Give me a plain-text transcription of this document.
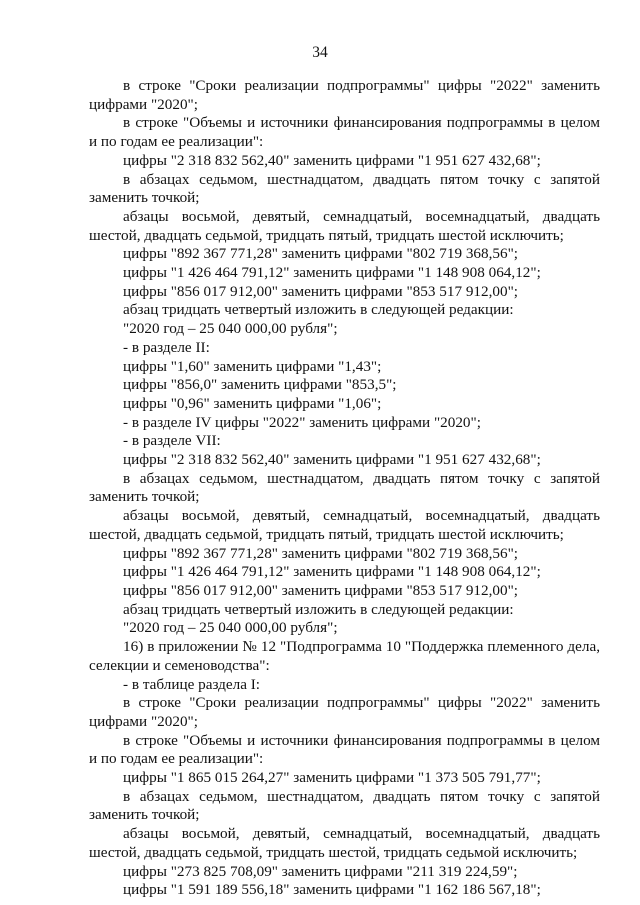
34

в строке "Сроки реализации подпрограммы" цифры "2022" заменить цифрами "2020";

в строке "Объемы и источники финансирования подпрограммы в целом и по годам ее реализации":

цифры "2 318 832 562,40" заменить цифрами "1 951 627 432,68";

в абзацах седьмом, шестнадцатом, двадцать пятом точку с запятой заменить точкой;

абзацы восьмой, девятый, семнадцатый, восемнадцатый, двадцать шестой, двадцать седьмой, тридцать пятый, тридцать шестой исключить;

цифры "892 367 771,28" заменить цифрами "802 719 368,56";

цифры "1 426 464 791,12" заменить цифрами "1 148 908 064,12";

цифры "856 017 912,00" заменить цифрами "853 517 912,00";

абзац тридцать четвертый изложить в следующей редакции:

"2020 год – 25 040 000,00 рубля";

- в разделе II:

цифры "1,60" заменить цифрами "1,43";

цифры "856,0" заменить цифрами "853,5";

цифры "0,96" заменить цифрами "1,06";

- в разделе IV цифры "2022" заменить цифрами "2020";

- в разделе VII:

цифры "2 318 832 562,40" заменить цифрами "1 951 627 432,68";

в абзацах седьмом, шестнадцатом, двадцать пятом точку с запятой заменить точкой;

абзацы восьмой, девятый, семнадцатый, восемнадцатый, двадцать шестой, двадцать седьмой, тридцать пятый, тридцать шестой исключить;

цифры "892 367 771,28" заменить цифрами "802 719 368,56";

цифры "1 426 464 791,12" заменить цифрами "1 148 908 064,12";

цифры "856 017 912,00" заменить цифрами "853 517 912,00";

абзац тридцать четвертый изложить в следующей редакции:

"2020 год – 25 040 000,00 рубля";

16) в приложении № 12 "Подпрограмма 10 "Поддержка племенного дела, селекции и семеноводства":

- в таблице раздела I:

в строке "Сроки реализации подпрограммы" цифры "2022" заменить цифрами "2020";

в строке "Объемы и источники финансирования подпрограммы в целом и по годам ее реализации":

цифры "1 865 015 264,27" заменить цифрами "1 373 505 791,77";

в абзацах седьмом, шестнадцатом, двадцать пятом точку с запятой заменить точкой;

абзацы восьмой, девятый, семнадцатый, восемнадцатый, двадцать шестой, двадцать седьмой, тридцать шестой, тридцать седьмой исключить;

цифры "273 825 708,09" заменить цифрами "211 319 224,59";

цифры "1 591 189 556,18" заменить цифрами "1 162 186 567,18";
